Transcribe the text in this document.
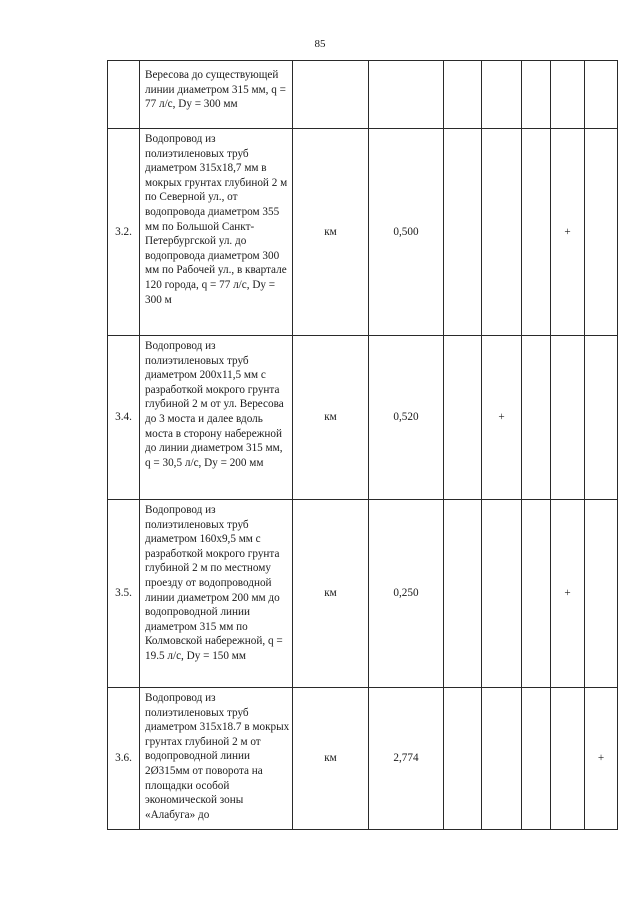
85
	Вересова до существующей линии диаметром 315 мм, q = 77 л/с, Dy = 300 мм							
3.2.	Водопровод из полиэтиленовых труб диаметром 315х18,7 мм в мокрых грунтах глубиной 2 м по Северной ул., от водопровода диаметром 355 мм по Большой Санкт-Петербургской ул. до водопровода диаметром 300 мм по Рабочей ул., в квартале 120 города, q = 77 л/с, Dy = 300 м	км	0,500				+	
3.4.	Водопровод из полиэтиленовых труб диаметром 200х11,5 мм с разработкой мокрого грунта глубиной 2 м от ул. Вересова до 3 моста и далее вдоль моста в сторону набережной до линии диаметром 315 мм, q = 30,5 л/с, Dy = 200 мм	км	0,520		+			
3.5.	Водопровод из полиэтиленовых труб диаметром 160х9,5 мм с разработкой мокрого грунта глубиной 2 м по местному проезду от водопроводной линии диаметром 200 мм до водопроводной линии диаметром 315 мм по Колмовской набережной, q = 19.5 л/с, Dy = 150 мм	км	0,250				+	
3.6.	Водопровод из полиэтиленовых труб диаметром 315х18.7 в мокрых грунтах глубиной 2 м от водопроводной линии 2Ø315мм от поворота на площадки особой экономической зоны «Алабуга» до	км	2,774					+
